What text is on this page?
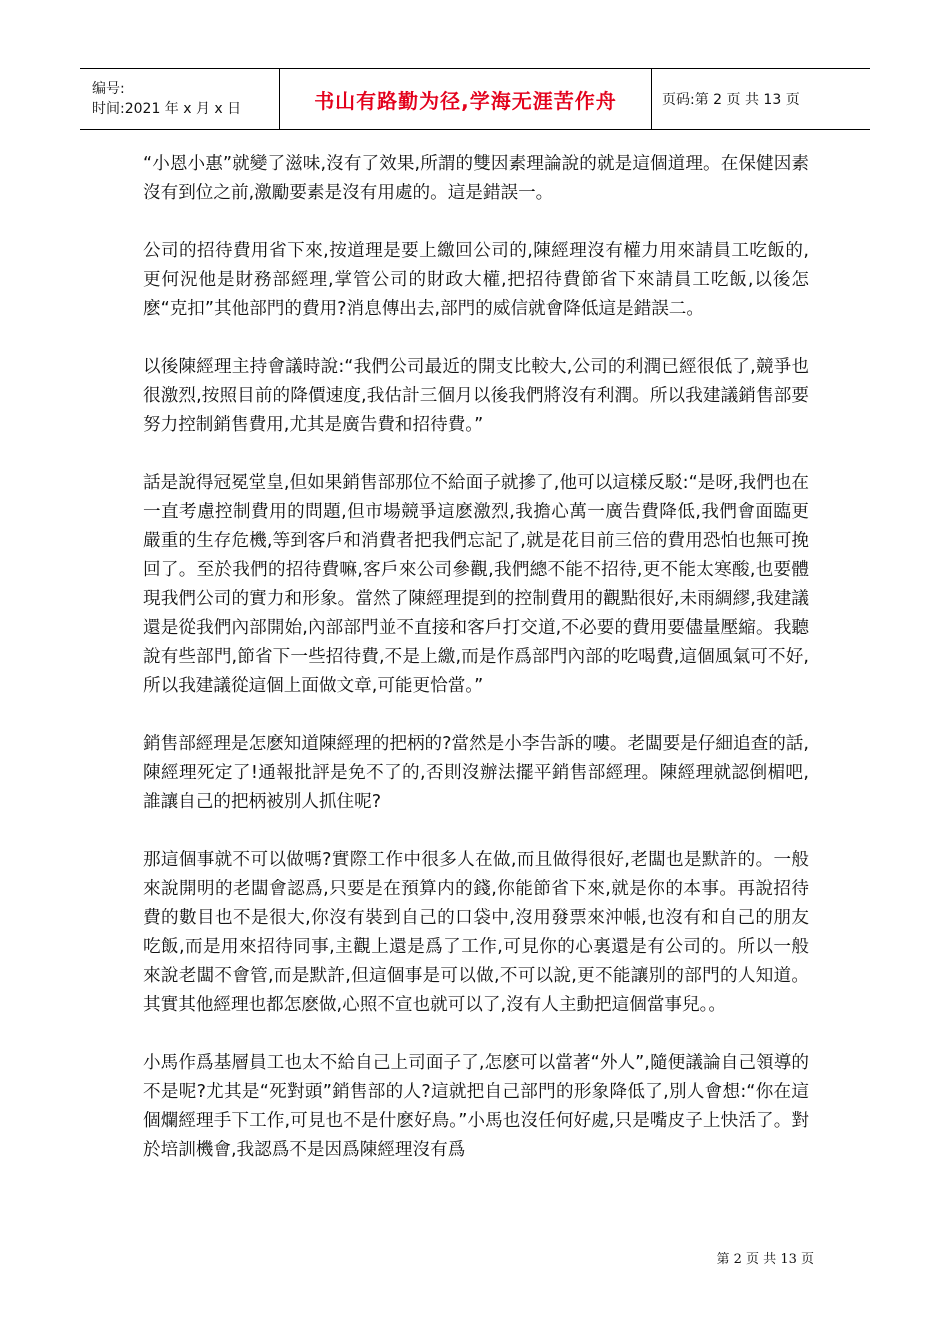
编号:
时间:2021 年 x 月 x 日	书山有路勤为径,学海无涯苦作舟	页码:第 2 页 共 13 页

“小恩小惠”就變了滋味,沒有了效果,所謂的雙因素理論說的就是這個道理。在保健因素沒有到位之前,激勵要素是沒有用處的。這是錯誤一。

公司的招待費用省下來,按道理是要上繳回公司的,陳經理沒有權力用來請員工吃飯的,更何況他是財務部經理,掌管公司的財政大權,把招待費節省下來請員工吃飯,以後怎麽“克扣”其他部門的費用?消息傳出去,部門的威信就會降低這是錯誤二。

以後陳經理主持會議時說:“我們公司最近的開支比較大,公司的利潤已經很低了,競爭也很激烈,按照目前的降價速度,我估計三個月以後我們將沒有利潤。所以我建議銷售部要努力控制銷售費用,尤其是廣告費和招待費。”

話是說得冠冕堂皇,但如果銷售部那位不給面子就摻了,他可以這樣反駁:“是呀,我們也在一直考慮控制費用的問題,但市場競爭這麽激烈,我擔心萬一廣告費降低,我們會面臨更嚴重的生存危機,等到客戶和消費者把我們忘記了,就是花目前三倍的費用恐怕也無可挽回了。至於我們的招待費嘛,客戶來公司參觀,我們總不能不招待,更不能太寒酸,也要體現我們公司的實力和形象。當然了陳經理提到的控制費用的觀點很好,未雨綢繆,我建議還是從我們內部開始,內部部門並不直接和客戶打交道,不必要的費用要儘量壓縮。我聽說有些部門,節省下一些招待費,不是上繳,而是作爲部門內部的吃喝費,這個風氣可不好,所以我建議從這個上面做文章,可能更恰當。”

銷售部經理是怎麽知道陳經理的把柄的?當然是小李告訴的嘍。老闆要是仔細追查的話,陳經理死定了!通報批評是免不了的,否則沒辦法擺平銷售部經理。陳經理就認倒楣吧,誰讓自己的把柄被別人抓住呢?

那這個事就不可以做嗎?實際工作中很多人在做,而且做得很好,老闆也是默許的。一般來說開明的老闆會認爲,只要是在預算内的錢,你能節省下來,就是你的本事。再說招待費的數目也不是很大,你沒有裝到自己的口袋中,沒用發票來沖帳,也沒有和自己的朋友吃飯,而是用來招待同事,主觀上還是爲了工作,可見你的心裏還是有公司的。所以一般來說老闆不會管,而是默許,但這個事是可以做,不可以說,更不能讓別的部門的人知道。其實其他經理也都怎麽做,心照不宣也就可以了,沒有人主動把這個當事兒。。

小馬作爲基層員工也太不給自己上司面子了,怎麽可以當著“外人”,隨便議論自己領導的不是呢?尤其是“死對頭”銷售部的人?這就把自己部門的形象降低了,別人會想:“你在這個爛經理手下工作,可見也不是什麽好鳥。”小馬也沒任何好處,只是嘴皮子上快活了。對於培訓機會,我認爲不是因爲陳經理沒有爲

第 2 页 共 13 页
